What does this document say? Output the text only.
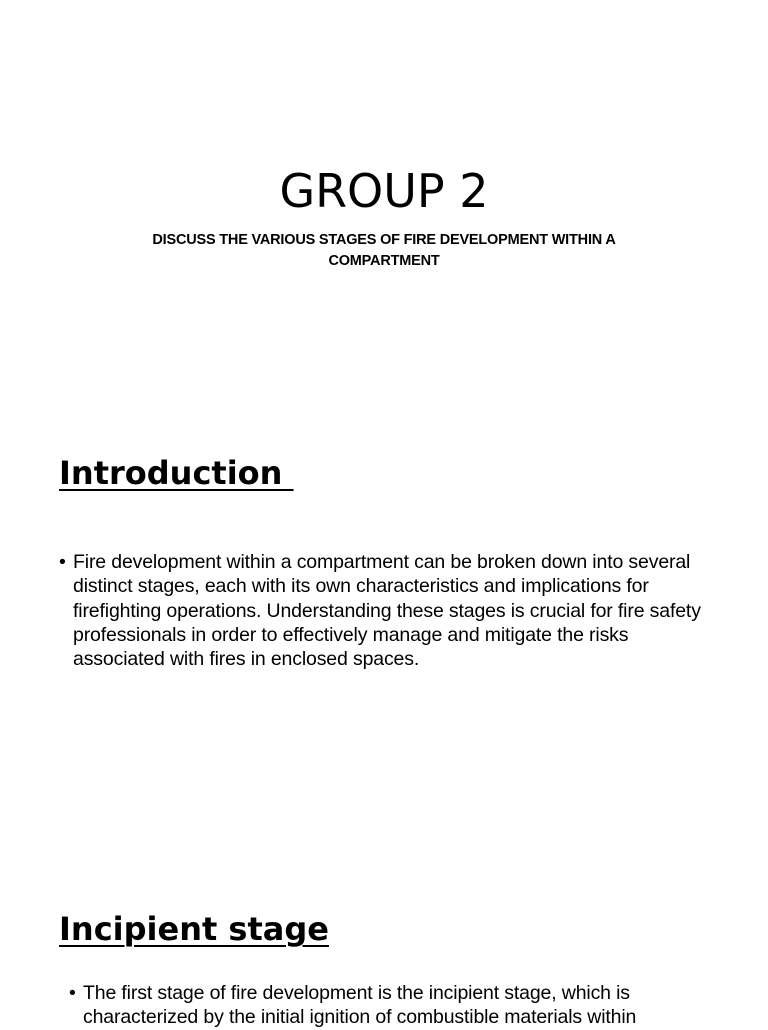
GROUP 2

DISCUSS THE VARIOUS STAGES OF FIRE DEVELOPMENT WITHIN A COMPARTMENT

Introduction
• Fire development within a compartment can be broken down into several distinct stages, each with its own characteristics and implications for firefighting operations. Understanding these stages is crucial for fire safety professionals in order to effectively manage and mitigate the risks associated with fires in enclosed spaces.
Incipient stage
• The first stage of fire development is the incipient stage, which is characterized by the initial ignition of combustible materials within
